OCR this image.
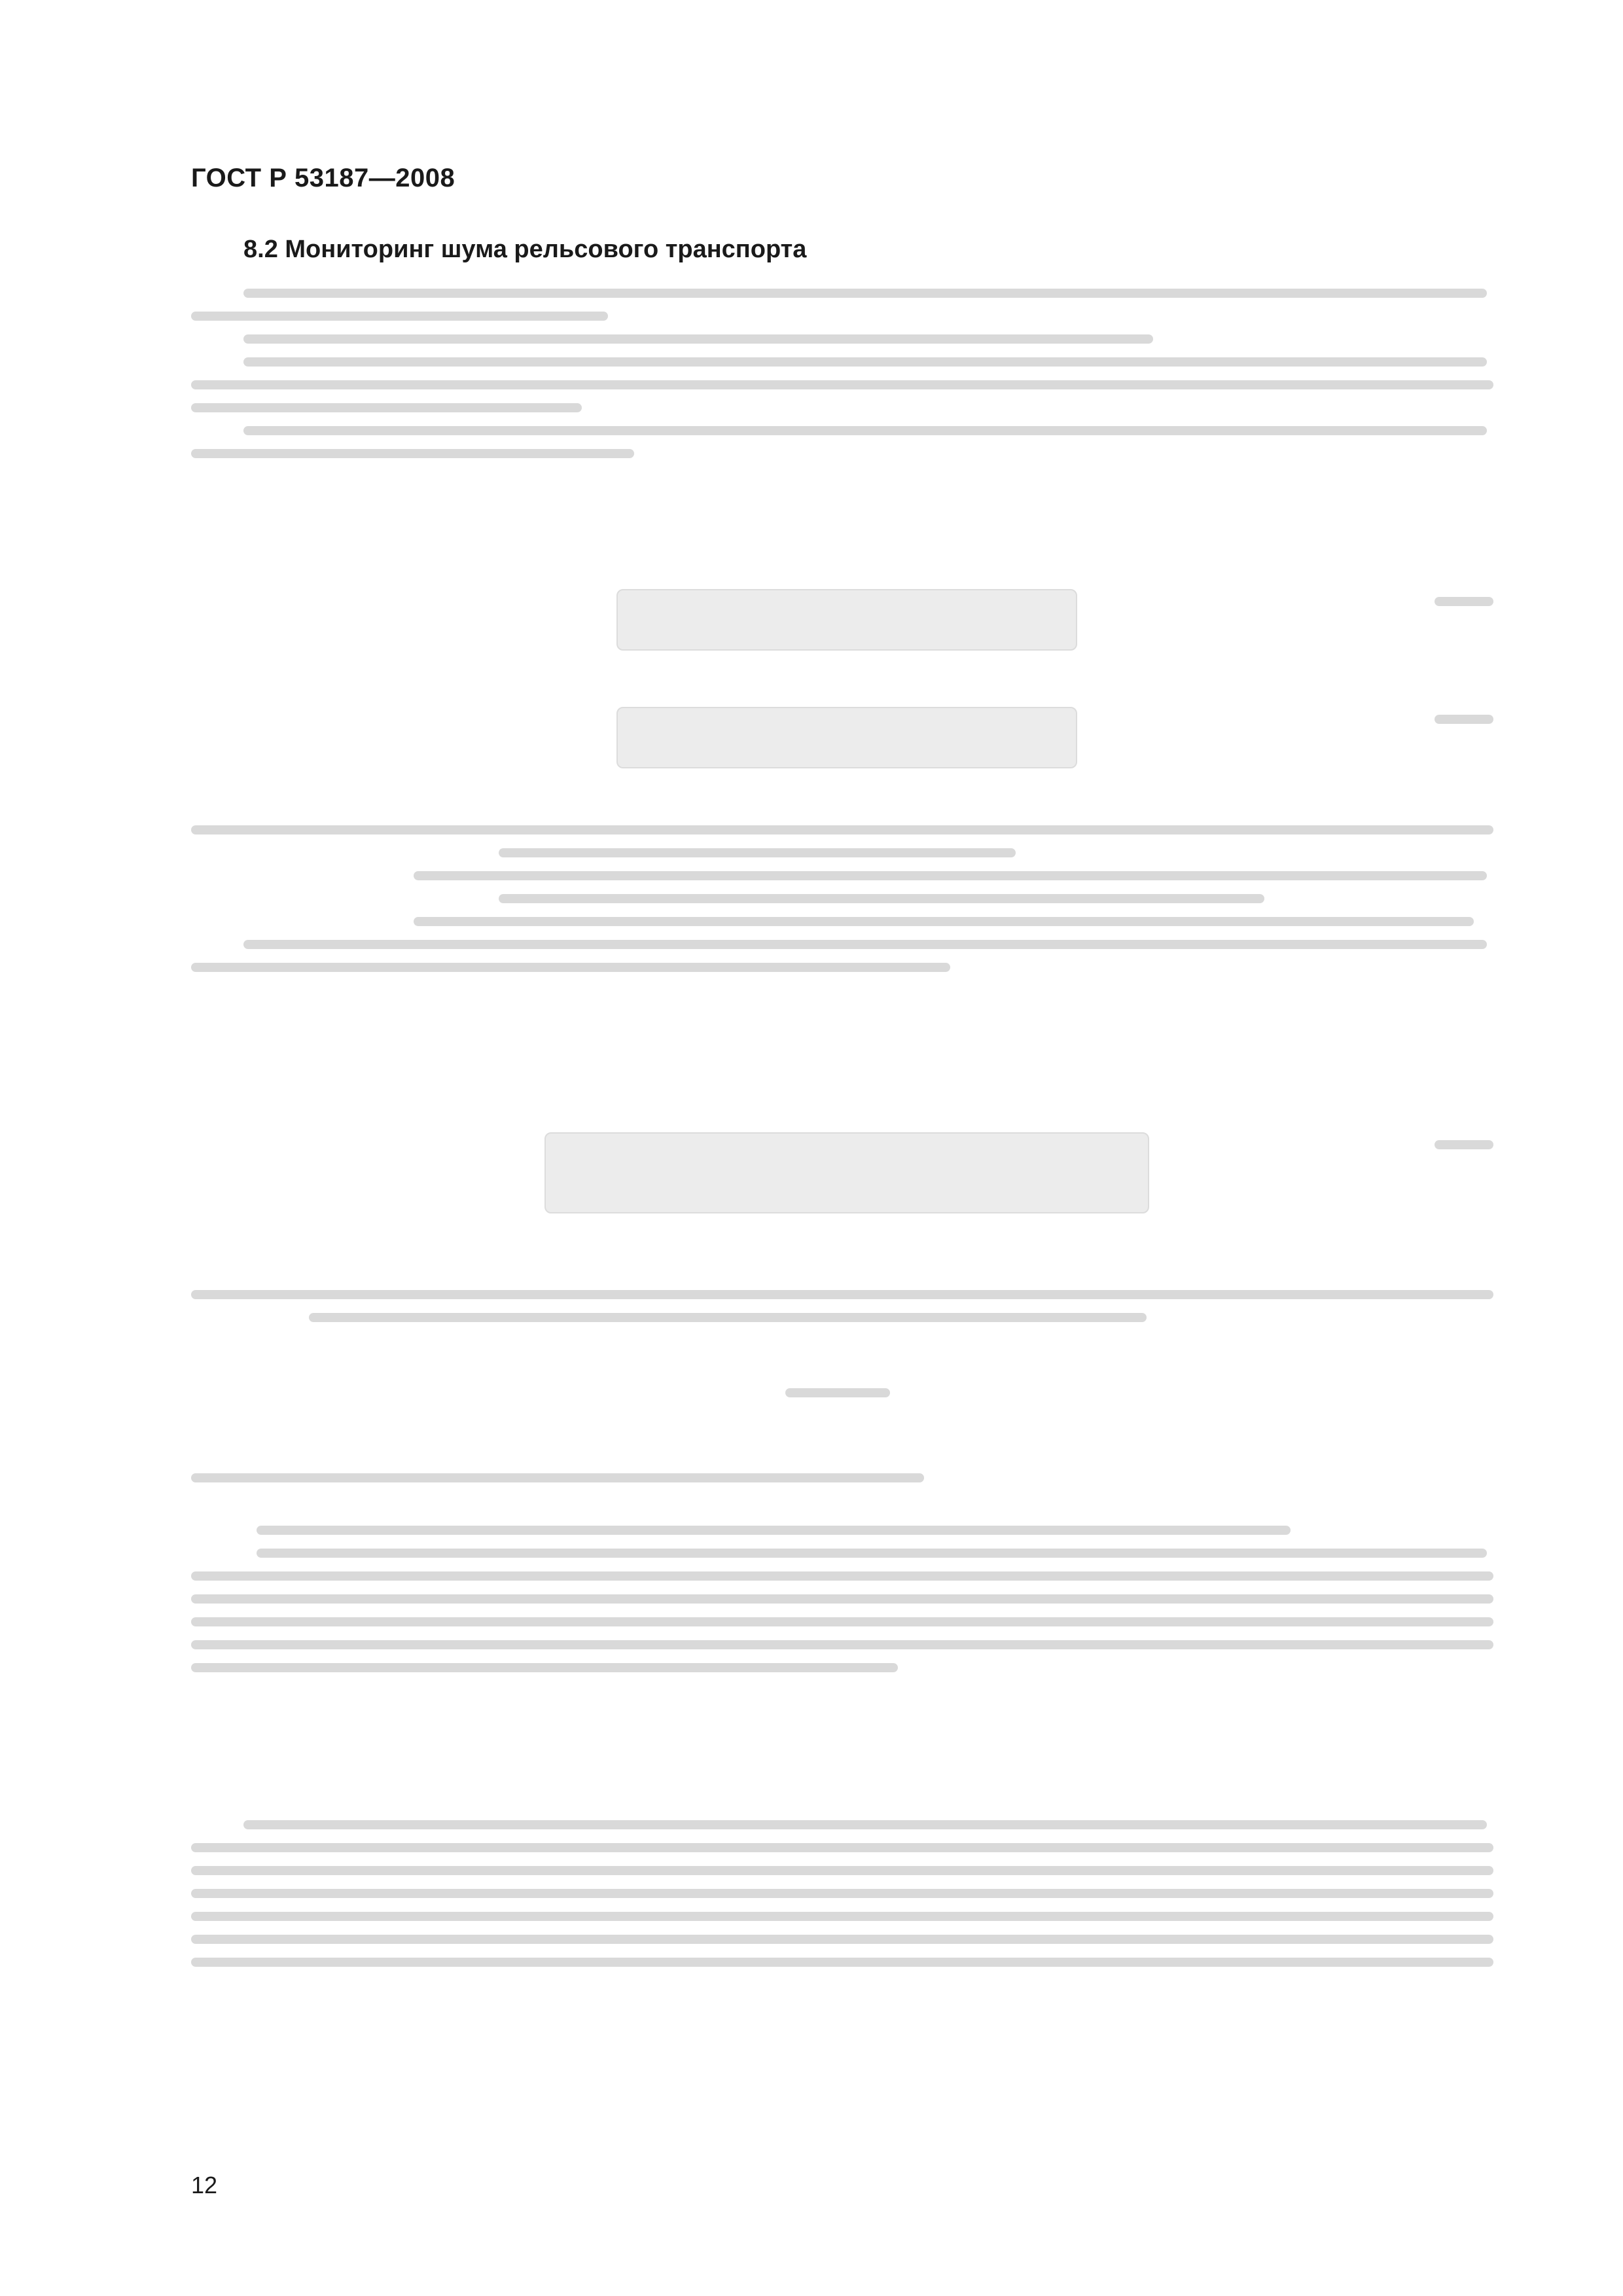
ГОСТ Р 53187—2008
8.2 Мониторинг шума рельсового транспорта
12
